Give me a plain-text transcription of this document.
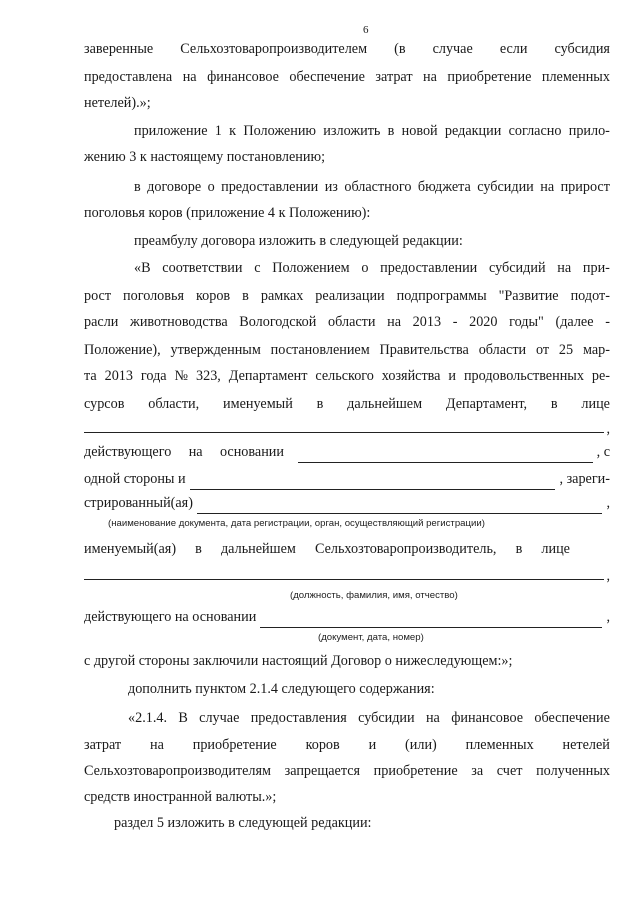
6
заверенные Сельхозтоваропроизводителем (в случае если субсидия
предоставлена на финансовое обеспечение затрат на приобретение племенных
нетелей).»;
приложение 1 к Положению изложить в новой редакции согласно прило-
жению 3 к настоящему постановлению;
в договоре о предоставлении из областного бюджета субсидии на прирост
поголовья коров (приложение 4 к Положению):
преамбулу договора изложить в следующей редакции:
«В соответствии с Положением о предоставлении субсидий на при-
рост поголовья коров в рамках реализации подпрограммы "Развитие подот-
расли животноводства Вологодской области на 2013 - 2020 годы" (далее -
Положение), утвержденным постановлением Правительства области от 25 мар-
та 2013 года № 323, Департамент сельского хозяйства и продовольственных ре-
сурсов области, именуемый в дальнейшем Департамент, в лице
,
действующего на основании	, с
одной стороны и	, зареги-
стрированный(ая)	,
(наименование документа, дата регистрации, орган, осуществляющий регистрации)
именуемый(ая) в дальнейшем Сельхозтоваропроизводитель, в лице
,
(должность, фамилия, имя, отчество)
действующего на основании	,
(документ, дата, номер)
с другой стороны заключили настоящий Договор о нижеследующем:»;
дополнить пунктом 2.1.4 следующего содержания:
«2.1.4. В случае предоставления субсидии на финансовое обеспечение
затрат на приобретение коров и (или) племенных нетелей
Сельхозтоваропроизводителям запрещается приобретение за счет полученных
средств иностранной валюты.»;
раздел 5 изложить в следующей редакции:
